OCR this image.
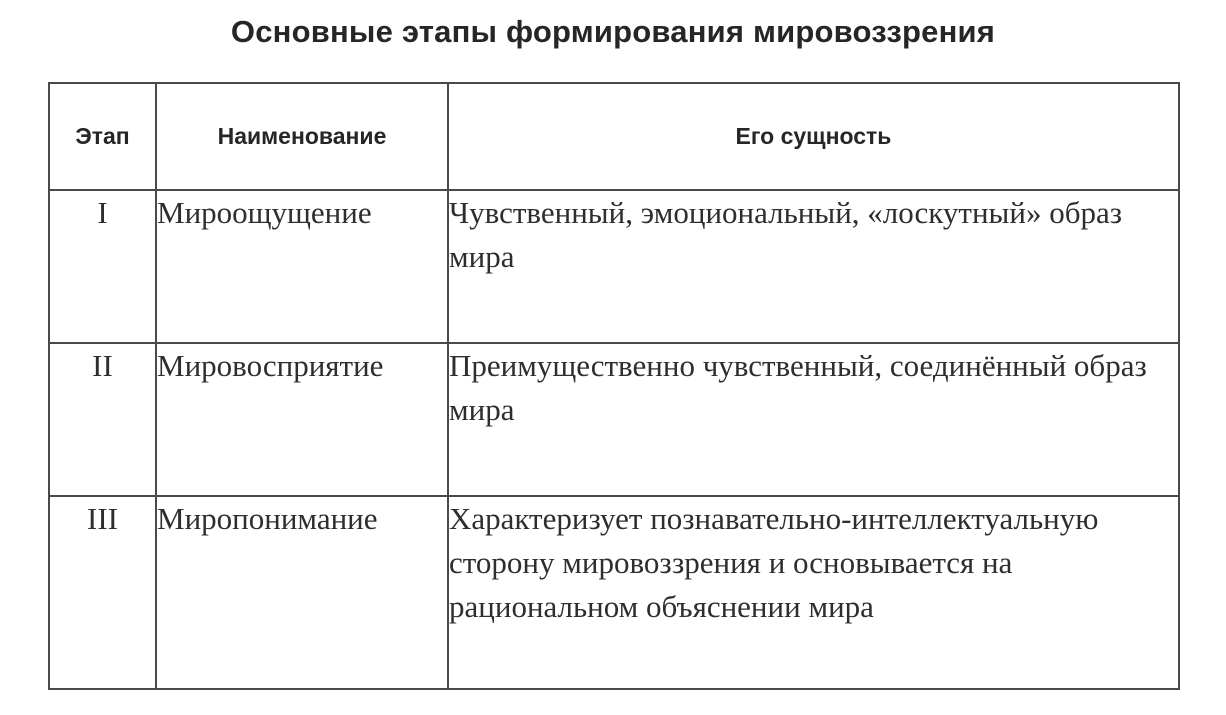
Основные этапы формирования мировоззрения
Этап	Наименование	Его сущность
I	Мироощущение	Чувственный, эмоциональный, «лоскутный» образ мира
II	Мировосприятие	Преимущественно чувственный, соединённый образ мира
III	Миропонимание	Характеризует познавательно-интеллектуальную сторону мировоззрения и основывается на рациональном объяснении мира
